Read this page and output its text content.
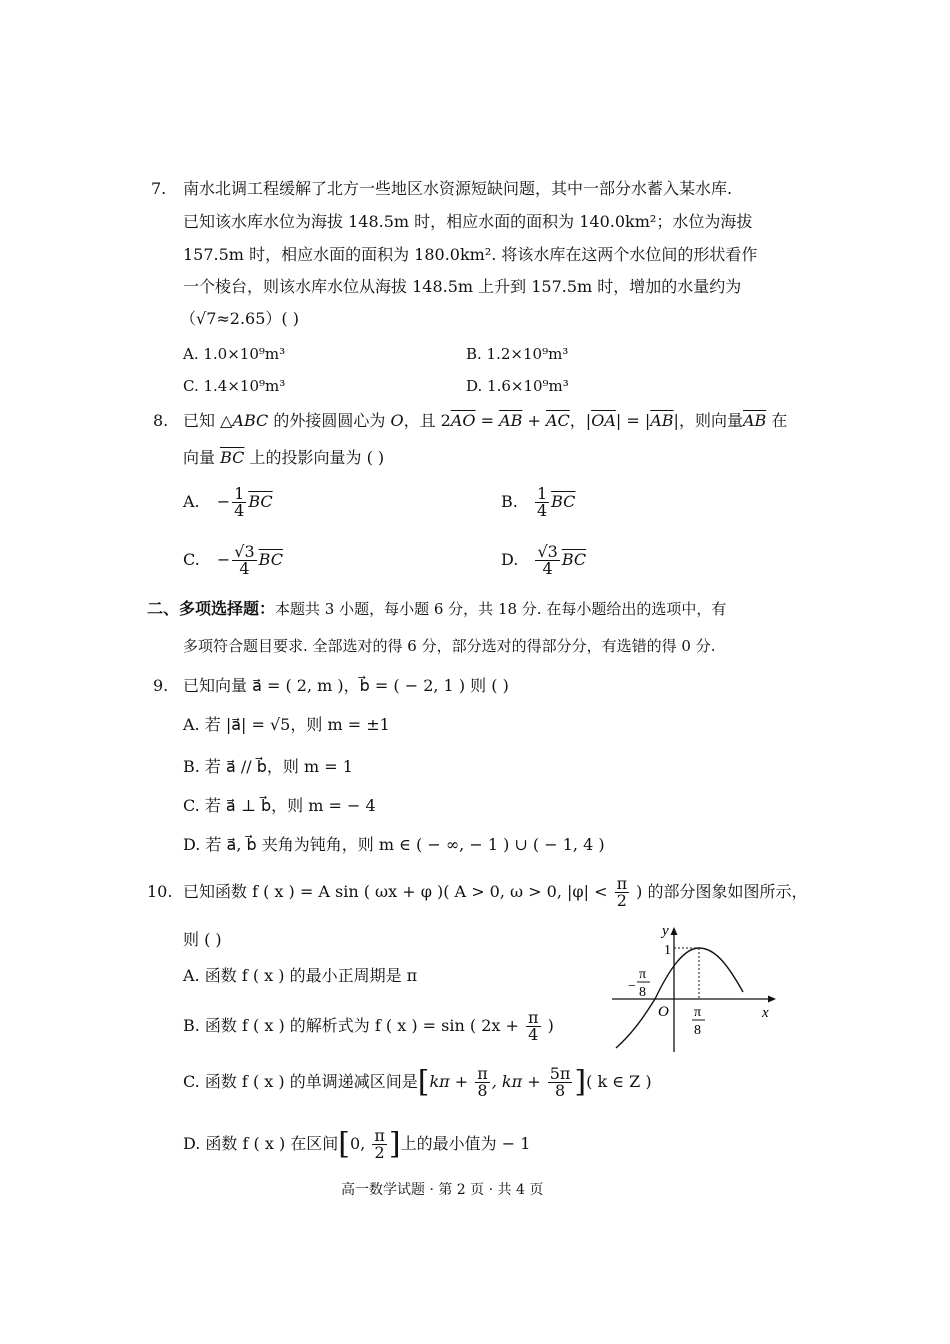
7. 南水北调工程缓解了北方一些地区水资源短缺问题，其中一部分水蓄入某水库.
已知该水库水位为海拔 148.5m 时，相应水面的面积为 140.0km²；水位为海拔
157.5m 时，相应水面的面积为 180.0km². 将该水库在这两个水位间的形状看作
一个棱台，则该水库水位从海拔 148.5m 上升到 157.5m 时，增加的水量约为
（√7≈2.65）( )
A. 1.0×10⁹m³	B. 1.2×10⁹m³
C. 1.4×10⁹m³	D. 1.6×10⁹m³
8. 已知 △ABC 的外接圆圆心为 O，且 $2\overline{AO} = \overline{AB} + \overline{AC}$，$|\overline{OA}| = |\overline{AB}|$，则向量$\overline{AB}$ 在
向量 $\overline{BC}$ 上的投影向量为 ( )
A. − $\frac{1}{4} \overline{BC}$	B. $\frac{1}{4} \overline{BC}$
C. − $\frac{√3}{4} \overline{BC}$	D. $\frac{√3}{4} \overline{BC}$
二、多项选择题：本题共 3 小题，每小题 6 分，共 18 分. 在每小题给出的选项中，有
多项符合题目要求. 全部选对的得 6 分，部分选对的得部分分，有选错的得 0 分.
9. 已知向量 a⃗ = ( 2, m )，b⃗ = ( − 2, 1 ) 则 ( )
A. 若 |a⃗| = √5，则 m = ±1
B. 若 a⃗ // b⃗，则 m = 1
C. 若 a⃗ ⊥ b⃗，则 m = − 4
D. 若 a⃗, b⃗ 夹角为钝角，则 m ∈ ( − ∞, − 1 ) ∪ ( − 1, 4 )
10. 已知函数 f ( x ) = A sin ( ωx + φ )( A > 0, ω > 0, $|\varphi| < \frac{\pi}{2}$ ) 的部分图象如图所示，
则 ( )
A. 函数 f ( x ) 的最小正周期是 π
B. 函数 f ( x ) 的解析式为 f ( x ) = sin ( $2x + \frac{\pi}{4}$ )
C. 函数 f ( x ) 的单调递减区间是[$k\pi + \frac{\pi}{8}$ , $k\pi + \frac{5\pi}{8}$ ]( k ∈ Z )
D. 函数 f ( x ) 在区间[0, $\frac{\pi}{2}$ ]上的最小值为 − 1
y
x
O
1
−
π
8
π
8
高一数学试题 · 第 2 页 · 共 4 页
